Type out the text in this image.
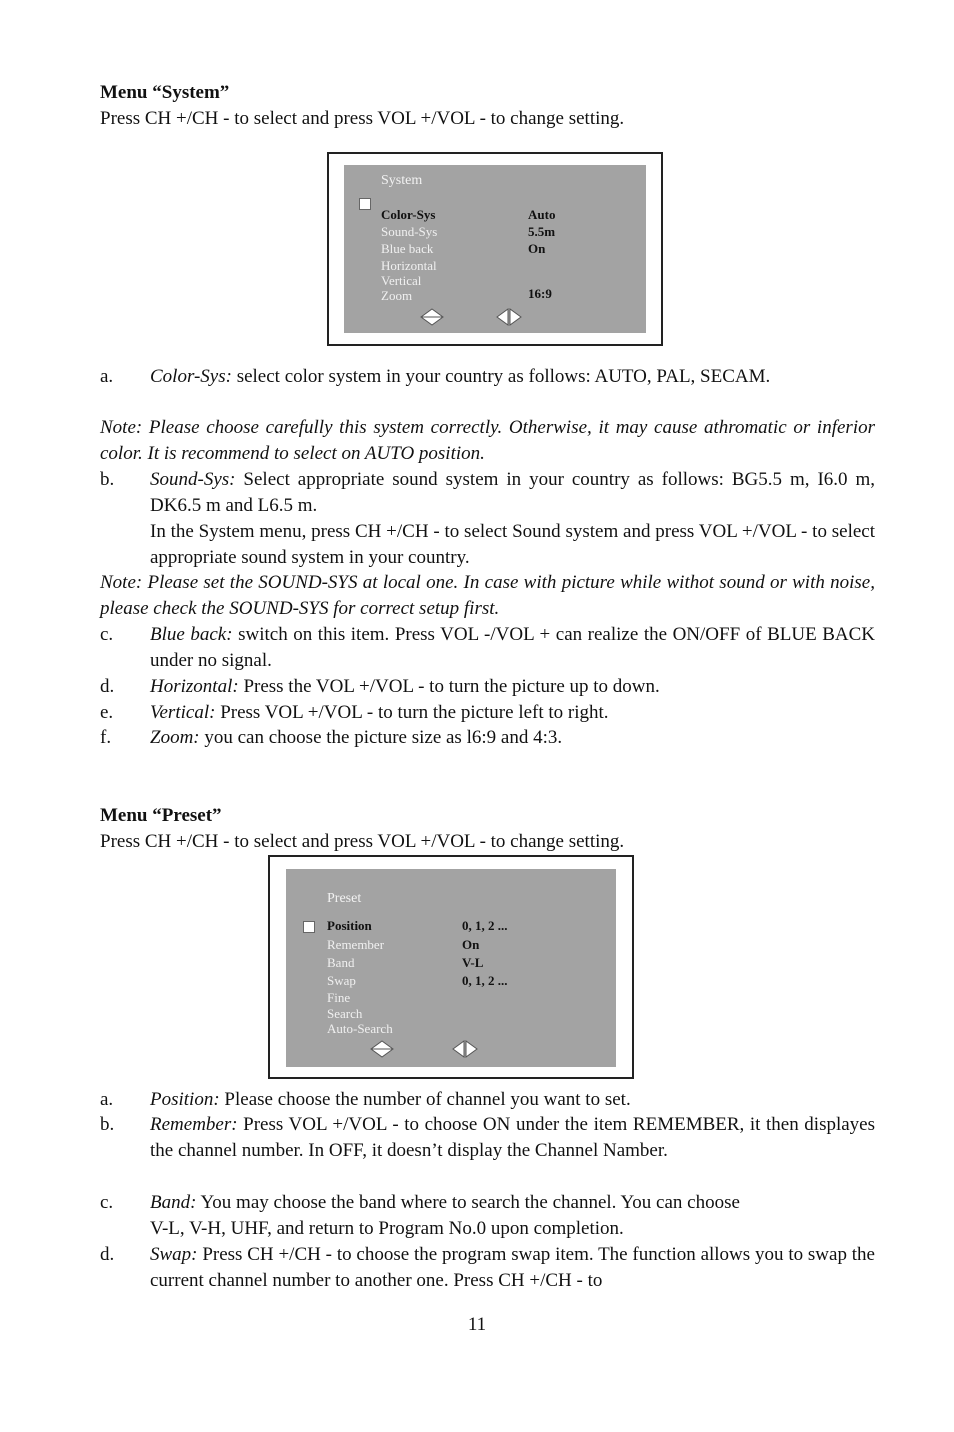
Menu “System”
Press CH +/CH - to select and press VOL +/VOL - to change setting.
System
Color-Sys
Sound-Sys
Blue back
Horizontal
Vertical
Zoom
Auto
5.5m
On
16:9
a. Color-Sys: select color system in your country as follows: AUTO, PAL, SECAM.
Note: Please choose carefully this system correctly. Otherwise, it may cause athromatic or inferior color. It is recommend to select on AUTO position.
b. Sound-Sys: Select appropriate sound system in your country as follows: BG5.5 m, I6.0 m, DK6.5 m and L6.5 m.
In the System menu, press CH +/CH - to select Sound system and press VOL +/VOL - to select appropriate sound system in your country.
Note: Please set the SOUND-SYS at local one. In case with picture while withot sound or with noise, please check the SOUND-SYS for correct setup first.
c. Blue back: switch on this item. Press VOL -/VOL + can realize the ON/OFF of BLUE BACK under no signal.
d. Horizontal: Press the VOL +/VOL - to turn the picture up to down.
e. Vertical: Press VOL +/VOL - to turn the picture left to right.
f. Zoom: you can choose the picture size as l6:9 and 4:3.
Menu “Preset”
Press CH +/CH - to select and press VOL +/VOL - to change setting.
Preset
Position
Remember
Band
Swap
Fine
Search
Auto-Search
0, 1, 2 ...
On
V-L
0, 1, 2 ...
a. Position: Please choose the number of channel you want to set.
b. Remember: Press VOL +/VOL - to choose ON under the item REMEMBER, it then displayes the channel number. In OFF, it doesn’t display the Channel Namber.
c. Band: You may choose the band where to search the channel. You can choose
V-L, V-H, UHF, and return to Program No.0 upon completion.
d. Swap: Press CH +/CH - to choose the program swap item. The function allows you to swap the current channel number to another one. Press CH +/CH - to
11
